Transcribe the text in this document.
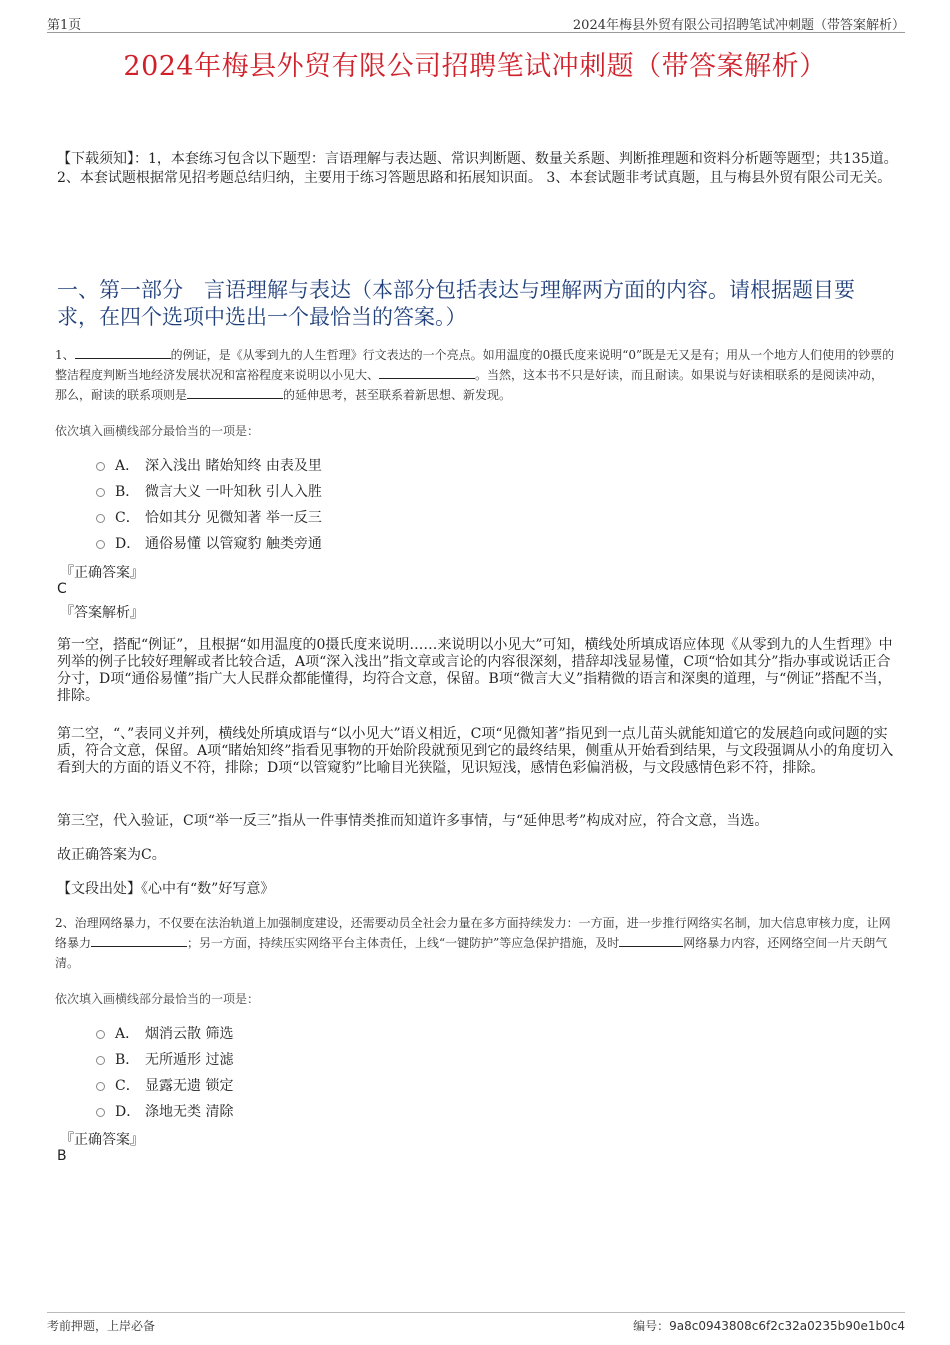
第1页	2024年梅县外贸有限公司招聘笔试冲刺题（带答案解析）
2024年梅县外贸有限公司招聘笔试冲刺题（带答案解析）
【下载须知】：1，本套练习包含以下题型：言语理解与表达题、常识判断题、数量关系题、判断推理题和资料分析题等题型；共135道。 2、本套试题根据常见招考题总结归纳，主要用于练习答题思路和拓展知识面。 3、本套试题非考试真题，且与梅县外贸有限公司无关。
一、第一部分　言语理解与表达（本部分包括表达与理解两方面的内容。请根据题目要求，在四个选项中选出一个最恰当的答案。）
1、	的例证，是《从零到九的人生哲理》行文表达的一个亮点。如用温度的0摄氏度来说明“0”既是无又是有；用从一个地方人们使用的钞票的整洁程度判断当地经济发展状况和富裕程度来说明以小见大、	。当然，这本书不只是好读，而且耐读。如果说与好读相联系的是阅读冲动，那么，耐读的联系项则是	的延伸思考，甚至联系着新思想、新发现。
依次填入画横线部分最恰当的一项是：
A． 深入浅出 睹始知终 由表及里
B． 微言大义 一叶知秋 引人入胜
C． 恰如其分 见微知著 举一反三
D． 通俗易懂 以管窥豹 触类旁通
『正确答案』
C
『答案解析』
第一空，搭配“例证”，且根据“如用温度的0摄氏度来说明……来说明以小见大”可知，横线处所填成语应体现《从零到九的人生哲理》中列举的例子比较好理解或者比较合适，A项“深入浅出”指文章或言论的内容很深刻，措辞却浅显易懂，C项“恰如其分”指办事或说话正合分寸，D项“通俗易懂”指广大人民群众都能懂得，均符合文意，保留。B项“微言大义”指精微的语言和深奥的道理，与“例证”搭配不当，排除。
第二空，“、”表同义并列，横线处所填成语与“以小见大”语义相近，C项“见微知著”指见到一点儿苗头就能知道它的发展趋向或问题的实质，符合文意，保留。A项“睹始知终”指看见事物的开始阶段就预见到它的最终结果，侧重从开始看到结果，与文段强调从小的角度切入看到大的方面的语义不符，排除；D项“以管窥豹”比喻目光狭隘，见识短浅，感情色彩偏消极，与文段感情色彩不符，排除。
第三空，代入验证，C项“举一反三”指从一件事情类推而知道许多事情，与“延伸思考”构成对应，符合文意，当选。
故正确答案为C。
【文段出处】《心中有“数”好写意》
2、治理网络暴力，不仅要在法治轨道上加强制度建设，还需要动员全社会力量在多方面持续发力：一方面，进一步推行网络实名制，加大信息审核力度，让网络暴力	；另一方面，持续压实网络平台主体责任，上线“一键防护”等应急保护措施，及时	网络暴力内容，还网络空间一片天朗气清。
依次填入画横线部分最恰当的一项是：
A． 烟消云散 筛选
B． 无所遁形 过滤
C． 显露无遗 锁定
D． 涤地无类 清除
『正确答案』
B
考前押题，上岸必备	编号：9a8c0943808c6f2c32a0235b90e1b0c4
